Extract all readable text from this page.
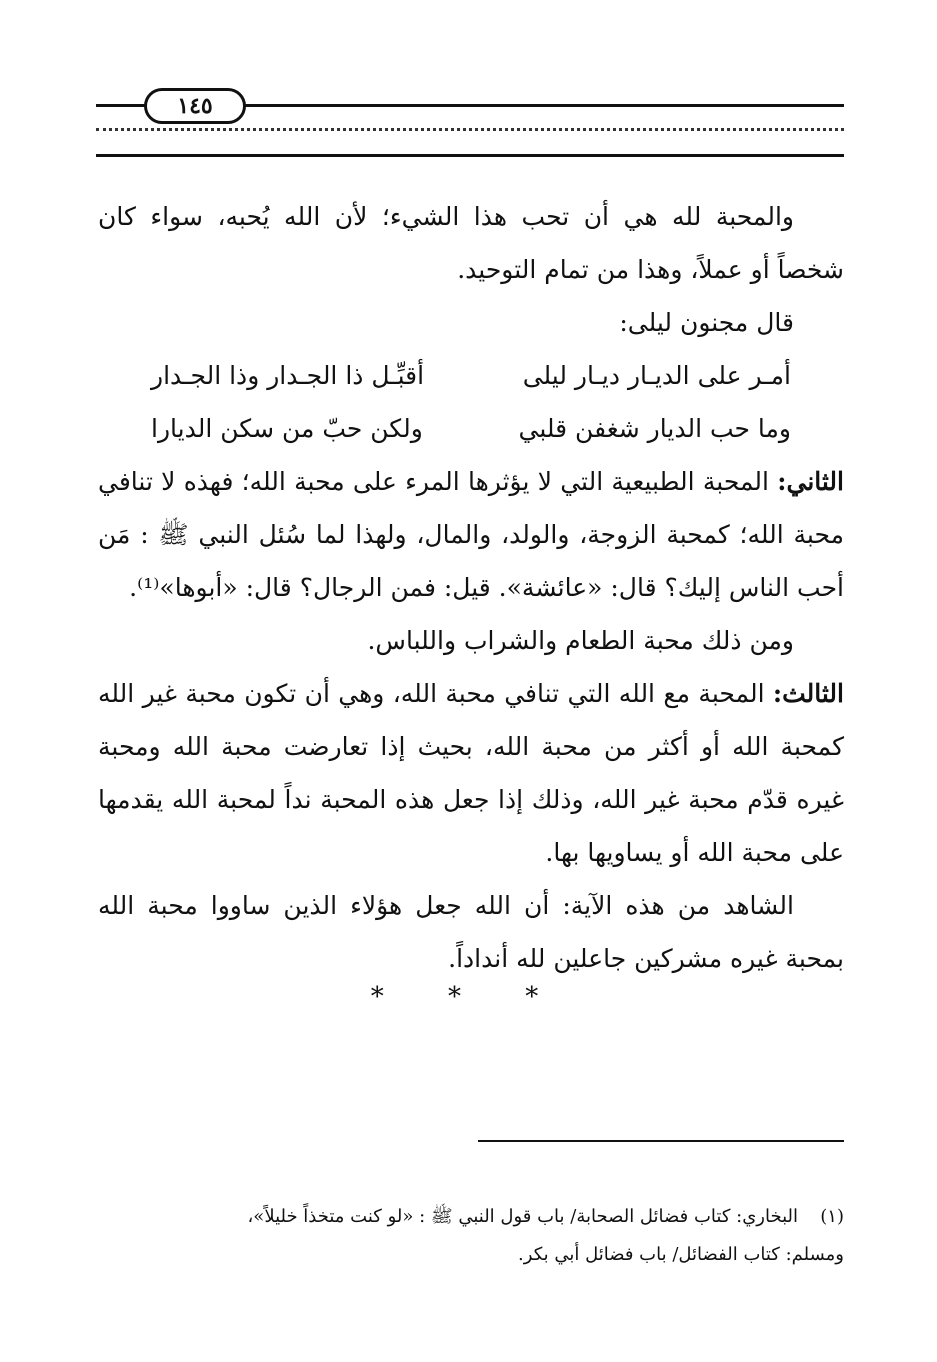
١٤٥

والمحبة لله هي أن تحب هذا الشيء؛ لأن الله يُحبه، سواء كان شخصاً أو عملاً، وهذا من تمام التوحيد.

قال مجنون ليلى:

أمـر على الديـار ديـار ليلى
أقبِّـل ذا الجـدار وذا الجـدار
وما حب الديار شغفن قلبي
ولكن حبّ من سكن الديارا

الثاني: المحبة الطبيعية التي لا يؤثرها المرء على محبة الله؛ فهذه لا تنافي محبة الله؛ كمحبة الزوجة، والولد، والمال، ولهذا لما سُئل النبي ﷺ : مَن أحب الناس إليك؟ قال: «عائشة». قيل: فمن الرجال؟ قال: «أبوها»⁽¹⁾.

ومن ذلك محبة الطعام والشراب واللباس.

الثالث: المحبة مع الله التي تنافي محبة الله، وهي أن تكون محبة غير الله كمحبة الله أو أكثر من محبة الله، بحيث إذا تعارضت محبة الله ومحبة غيره قدّم محبة غير الله، وذلك إذا جعل هذه المحبة نداً لمحبة الله يقدمها على محبة الله أو يساويها بها.

الشاهد من هذه الآية: أن الله جعل هؤلاء الذين ساووا محبة الله بمحبة غيره مشركين جاعلين لله أنداداً.

* * *
(١)البخاري: كتاب فضائل الصحابة/ باب قول النبي ﷺ : «لو كنت متخذاً خليلاً»،
ومسلم: كتاب الفضائل/ باب فضائل أبي بكر.
